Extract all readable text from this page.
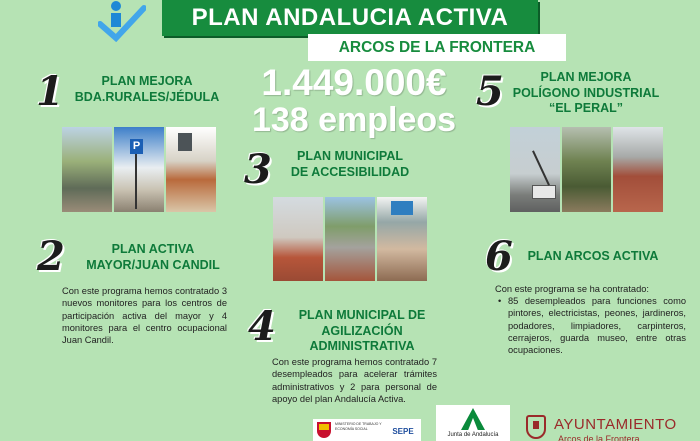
PLAN ANDALUCIA ACTIVA
ARCOS DE LA FRONTERA
1.449.000€
138 empleos
1	PLAN MEJORA
BDA.RURALES/JÉDULA
P
2	PLAN ACTIVA
MAYOR/JUAN CANDIL
Con este programa hemos contratado 3 nuevos monitores para los centros de participación activa del mayor y 4 monitores para el centro ocupacional Juan Candil.
3	PLAN MUNICIPAL
DE ACCESIBILIDAD
4	PLAN MUNICIPAL DE
AGILIZACIÓN ADMINISTRATIVA
Con este programa hemos contratado 7 desempleados para acelerar trámites administrativos y 2 para personal de apoyo del plan Andalucía Activa.
5	PLAN MEJORA
POLÍGONO INDUSTRIAL
“EL PERAL”
6	PLAN ARCOS ACTIVA
Con este programa se ha contratado:
• 85 desempleados para funciones como pintores, electricistas, peones, jardineros, podadores, limpiadores, carpinteros, cerrajeros, guarda museo, entre otras ocupaciones.
MINISTERIO DE TRABAJO Y ECONOMÍA SOCIAL	SEPE	Junta de Andalucía
AYUNTAMIENTO
Arcos de la Frontera
